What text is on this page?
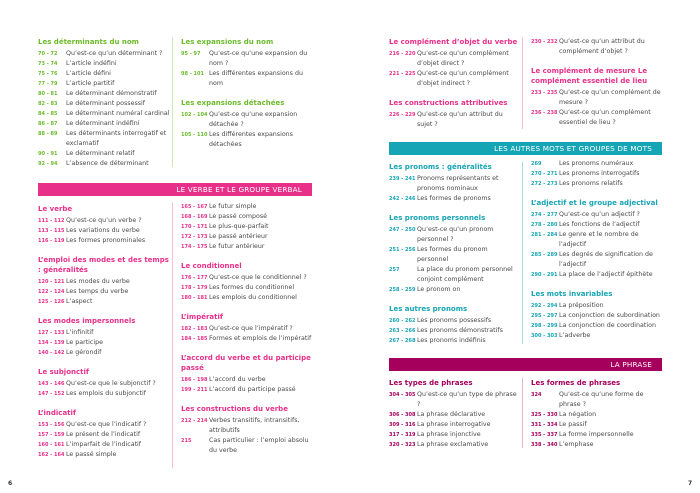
LE VERBE ET LE GROUPE VERBAL
LES AUTRES MOTS ET GROUPES DE MOTS
LA PHRASE
Les déterminants du nom
70 - 72	Qu’est-ce qu’un déterminant ?
73 - 74	L’article indéfini
75 - 76	L’article défini
77 - 79	L’article partitif
80 - 81	Le déterminant démonstratif
82 - 83	Le déterminant possessif
84 - 85	Le déterminant numéral cardinal
86 - 87	Le déterminant indéfini
88 - 89	Les déterminants interrogatif et exclamatif
90 - 91	Le déterminant relatif
92 - 94	L’absence de déterminant
Les expansions du nom
95 - 97	Qu’est-ce qu’une expansion du nom ?
98 - 101 Les différentes expansions du nom
Les expansions détachées
102 - 104 Qu’est-ce qu’une expansion détachée ?
105 - 110 Les différentes expansions détachées
Le verbe
111 - 112 Qu’est-ce qu’un verbe ?
113 - 115 Les variations du verbe
116 - 119 Les formes pronominales
L’emploi des modes et des temps : généralités
120 - 121 Les modes du verbe
122 - 124 Les temps du verbe
125 - 126 L’aspect
Les modes impersonnels
127 - 133 L’infinitif
134 - 139 Le participe
140 - 142 Le gérondif
Le subjonctif
143 - 146 Qu’est-ce que le subjonctif ?
147 - 152 Les emplois du subjonctif
L’indicatif
153 - 156 Qu’est-ce que l’indicatif ?
157 - 159 Le présent de l’indicatif
160 - 161 L’imparfait de l’indicatif
162 - 164 Le passé simple
165 - 167 Le futur simple
168 - 169 Le passé composé
170 - 171 Le plus-que-parfait
172 - 173 Le passé antérieur
174 - 175 Le futur antérieur
Le conditionnel
176 - 177 Qu’est-ce que le conditionnel ?
178 - 179 Les formes du conditionnel
180 - 181 Les emplois du conditionnel
L’impératif
182 - 183 Qu’est-ce que l’impératif ?
184 - 185 Formes et emplois de l’impératif
L’accord du verbe et du participe passé
186 - 198 L’accord du verbe
199 - 211 L’accord du participe passé
Les constructions du verbe
212 - 214 Verbes transitifs, intransitifs, attributifs
215	Cas particulier : l’emploi absolu du verbe
Le complément d’objet du verbe
216 - 220 Qu’est-ce qu’un complément d’objet direct ?
221 - 225 Qu’est-ce qu’un complément d’objet indirect ?
Les constructions attributives
226 - 229 Qu’est-ce qu’un attribut du sujet ?
230 - 232 Qu’est-ce qu’un attribut du complément d’objet ?
Le complément de mesure Le complément essentiel de lieu
233 - 235 Qu’est-ce qu’un complément de mesure ?
236 - 238 Qu’est-ce qu’un complément essentiel de lieu ?
Les pronoms : généralités
239 - 241 Pronoms représentants et pronoms nominaux
242 - 246 Les formes de pronoms
Les pronoms personnels
247 - 250 Qu’est-ce qu’un pronom personnel ?
251 - 256 Les formes du pronom personnel
257	La place du pronom personnel conjoint complément
258 - 259 Le pronom on
Les autres pronoms
260 - 262 Les pronoms possessifs
263 - 266 Les pronoms démonstratifs
267 - 268 Les pronoms indéfinis
269	Les pronoms numéraux
270 - 271 Les pronoms interrogatifs
272 - 273 Les pronoms relatifs
L’adjectif et le groupe adjectival
274 - 277 Qu’est-ce qu’un adjectif ?
278 - 280 Les fonctions de l’adjectif
281 - 284 Le genre et le nombre de l’adjectif
285 - 289 Les degrés de signification de l’adjectif
290 - 291 La place de l’adjectif épithète
Les mots invariables
292 - 294 La préposition
295 - 297 La conjonction de subordination
298 - 299 La conjonction de coordination
300 - 303 L’adverbe
Les types de phrases
304 - 305 Qu’est-ce qu’un type de phrase ?
306 - 308 La phrase déclarative
309 - 316 La phrase interrogative
317 - 319 La phrase injonctive
320 - 323 La phrase exclamative
Les formes de phrases
324	Qu’est-ce qu’une forme de phrase ?
325 - 330 La négation
331 - 334 Le passif
335 - 337 La forme impersonnelle
338 - 340 L’emphase
6	7
